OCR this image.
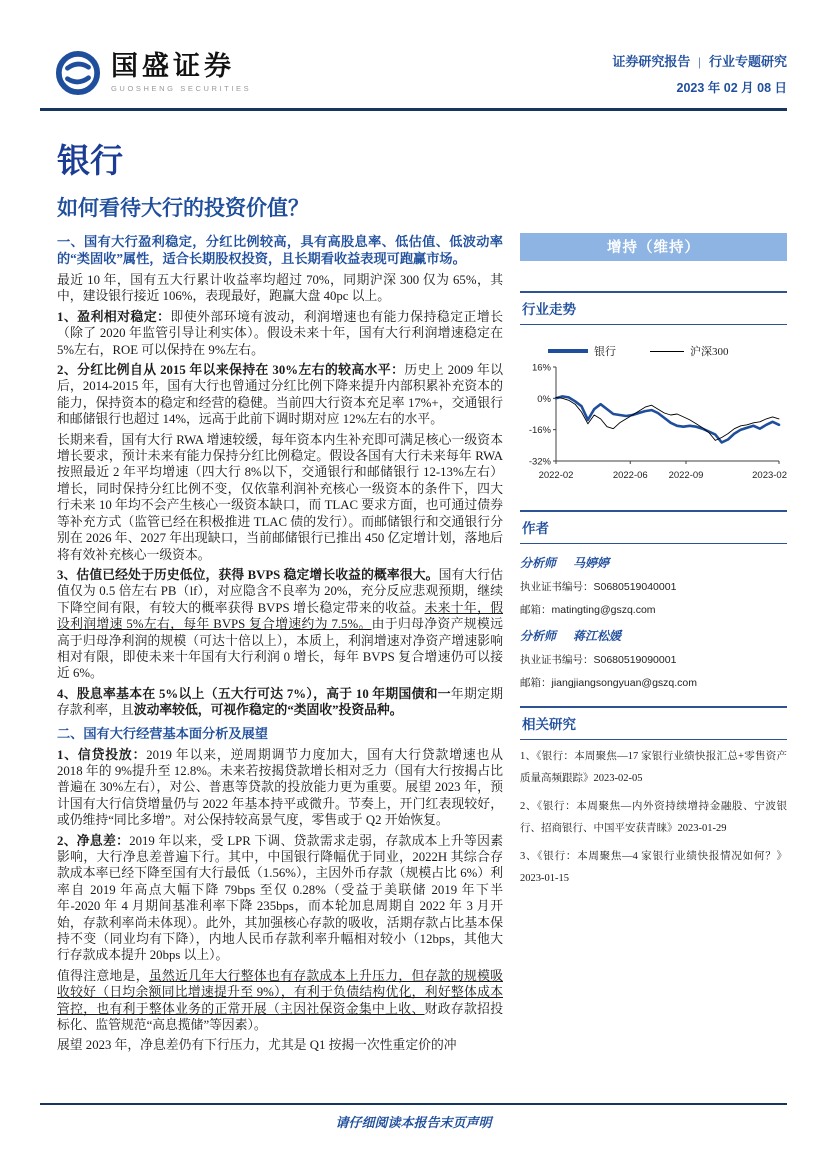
国盛证券
GUOSHENG SECURITIES
证券研究报告 | 行业专题研究
2023 年 02 月 08 日
银行
如何看待大行的投资价值？
一、国有大行盈利稳定，分红比例较高，具有高股息率、低估值、低波动率的“类固收”属性，适合长期股权投资，且长期看收益表现可跑赢市场。
最近 10 年，国有五大行累计收益率均超过 70%，同期沪深 300 仅为 65%，其中，建设银行接近 106%，表现最好，跑赢大盘 40pc 以上。
1、盈利相对稳定：即使外部环境有波动，利润增速也有能力保持稳定正增长（除了 2020 年监管引导让利实体）。假设未来十年，国有大行利润增速稳定在 5%左右，ROE 可以保持在 9%左右。
2、分红比例自从 2015 年以来保持在 30%左右的较高水平：历史上 2009 年以后，2014-2015 年，国有大行也曾通过分红比例下降来提升内部积累补充资本的能力，保持资本的稳定和经营的稳健。当前四大行资本充足率 17%+，交通银行和邮储银行也超过 14%，远高于此前下调时期对应 12%左右的水平。
长期来看，国有大行 RWA 增速较缓，每年资本内生补充即可满足核心一级资本增长要求，预计未来有能力保持分红比例稳定。假设各国有大行未来每年 RWA 按照最近 2 年平均增速（四大行 8%以下，交通银行和邮储银行 12-13%左右）增长，同时保持分红比例不变，仅依靠利润补充核心一级资本的条件下，四大行未来 10 年均不会产生核心一级资本缺口，而 TLAC 要求方面，也可通过债券等补充方式（监管已经在积极推进 TLAC 债的发行）。而邮储银行和交通银行分别在 2026 年、2027 年出现缺口，当前邮储银行已推出 450 亿定增计划，落地后将有效补充核心一级资本。
3、估值已经处于历史低位，获得 BVPS 稳定增长收益的概率很大。国有大行估值仅为 0.5 倍左右 PB（lf），对应隐含不良率为 20%，充分反应悲观预期，继续下降空间有限，有较大的概率获得 BVPS 增长稳定带来的收益。未来十年，假设利润增速 5%左右，每年 BVPS 复合增速约为 7.5%。由于归母净资产规模远高于归母净利润的规模（可达十倍以上），本质上，利润增速对净资产增速影响相对有限，即使未来十年国有大行利润 0 增长，每年 BVPS 复合增速仍可以接近 6%。
4、股息率基本在 5%以上（五大行可达 7%），高于 10 年期国债和一年期定期存款利率，且波动率较低，可视作稳定的“类固收”投资品种。
二、国有大行经营基本面分析及展望
1、信贷投放：2019 年以来，逆周期调节力度加大，国有大行贷款增速也从 2018 年的 9%提升至 12.8%。未来若按揭贷款增长相对乏力（国有大行按揭占比普遍在 30%左右），对公、普惠等贷款的投放能力更为重要。展望 2023 年，预计国有大行信贷增量仍与 2022 年基本持平或微升。节奏上，开门红表现较好，或仍维持“同比多增”。对公保持较高景气度，零售或于 Q2 开始恢复。
2、净息差：2019 年以来，受 LPR 下调、贷款需求走弱，存款成本上升等因素影响，大行净息差普遍下行。其中，中国银行降幅优于同业，2022H 其综合存款成本率已经下降至国有大行最低（1.56%），主因外币存款（规模占比 6%）利率自 2019 年高点大幅下降 79bps 至仅 0.28%（受益于美联储 2019 年下半年-2020 年 4 月期间基准利率下降 235bps，而本轮加息周期自 2022 年 3 月开始，存款利率尚未体现）。此外，其加强核心存款的吸收，活期存款占比基本保持不变（同业均有下降），内地人民币存款利率升幅相对较小（12bps，其他大行存款成本提升 20bps 以上）。
值得注意地是，虽然近几年大行整体也有存款成本上升压力，但存款的规模吸收较好（日均余额同比增速提升至 9%），有利于负债结构优化，利好整体成本管控，也有利于整体业务的正常开展（主因社保资金集中上收、财政存款招投标化、监管规范“高息揽储”等因素）。
展望 2023 年，净息差仍有下行压力，尤其是 Q1 按揭一次性重定价的冲
增持（维持）
行业走势
银行	沪深300
16%
0%
-16%
-32%
2022-02	2022-06 2022-09	2023-02
作者
分析师 马婷婷
执业证书编号：S0680519040001
邮箱：matingting@gszq.com
分析师 蒋江松媛
执业证书编号：S0680519090001
邮箱：jiangjiangsongyuan@gszq.com
相关研究
1、《银行：本周聚焦—17 家银行业绩快报汇总+零售资产质量高频跟踪》2023-02-05
2、《银行：本周聚焦—内外资持续增持金融股、宁波银行、招商银行、中国平安获青睐》2023-01-29
3、《银行：本周聚焦—4 家银行业绩快报情况如何？》2023-01-15
请仔细阅读本报告末页声明
